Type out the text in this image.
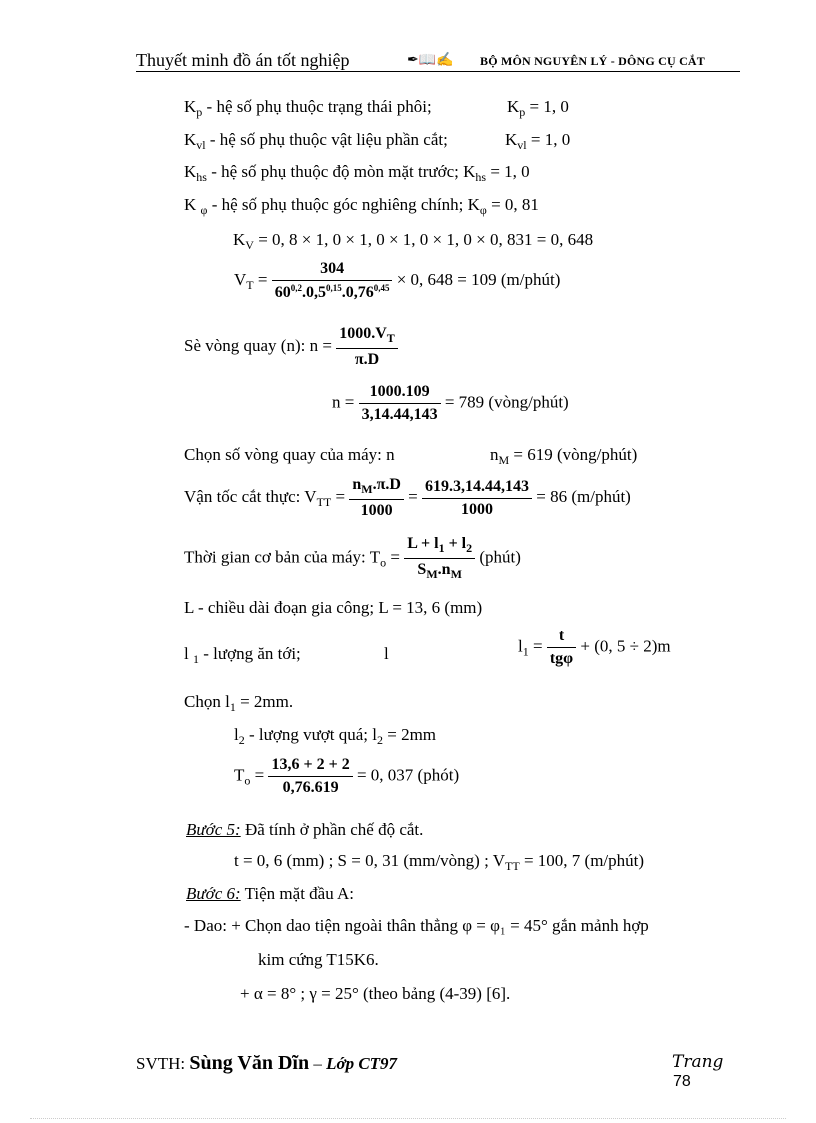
Thuyết minh đồ án tốt nghiệp	✒📖✍ BỘ MÔN NGUYÊN LÝ - DÔNG CỤ CẮT
$K_p$ - hệ số phụ thuộc trạng thái phôi;	$K_p = 1$, 0
$K_{vl}$ - hệ số phụ thuộc vật liệu phần cắt;	$K_{vl} = 1$, 0
$K_{hs}$ - hệ số phụ thuộc độ mòn mặt trước; $K_{hs} = 1$, 0
K $_\varphi$ - hệ số phụ thuộc góc nghiêng chính; $K_\varphi = 0$, 81
$K_V = 0$, 8 × 1, 0 × 1, 0 × 1, 0 × 1, 0 × 0, 831 = 0, 648
$V_T = \frac{304}{60^{0,2}.0,5^{0,15}.0,76^{0,45}} \times 0$, 648 = 109 (m/phút)
Sè vòng quay (n): $n = \frac{1000.V_T}{\pi.D}$
$n = \frac{1000.109}{3,14.44,143} = 789$ (vòng/phút)
Chọn số vòng quay của máy: n	$n_M = 619$ (vòng/phút)
Vận tốc cắt thực: $V_{TT} = \frac{n_M.\pi.D}{1000} = \frac{619.3,14.44,143}{1000} = 86$ (m/phút)
Thời gian cơ bản của máy: $T_o = \frac{L + l_1 + l_2}{S_M.n_M}$ (phút)
L - chiều dài đoạn gia công; L = 13, 6 (mm)
l $_1$ - lượng ăn tới;	l	$l_1 = \frac{t}{\text{tgφ}} + (0$, 5 ÷ 2)m
Chọn $l_1 = 2mm$.
$l_2$ - lượng vượt quá; $l_2 = 2mm$
$T_o = \frac{13,6 + 2 + 2}{0,76.619} = 0$, 037 (phót)
Bước 5: Đã tính ở phần chế độ cắt.
t = 0, 6 (mm) ; S = 0, 31 (mm/vòng) ; $V_{TT} = 100$, 7 (m/phút)
Bước 6: Tiện mặt đầu A:
- Dao: + Chọn dao tiện ngoài thân thẳng φ = φ₁ = 45° gắn mảnh hợp
kim cứng T15K6.
+ α = 8° ; γ = 25° (theo bảng (4-39) [6].
SVTH: Sùng Văn Dĩn – Lớp CT97	Trang
78
